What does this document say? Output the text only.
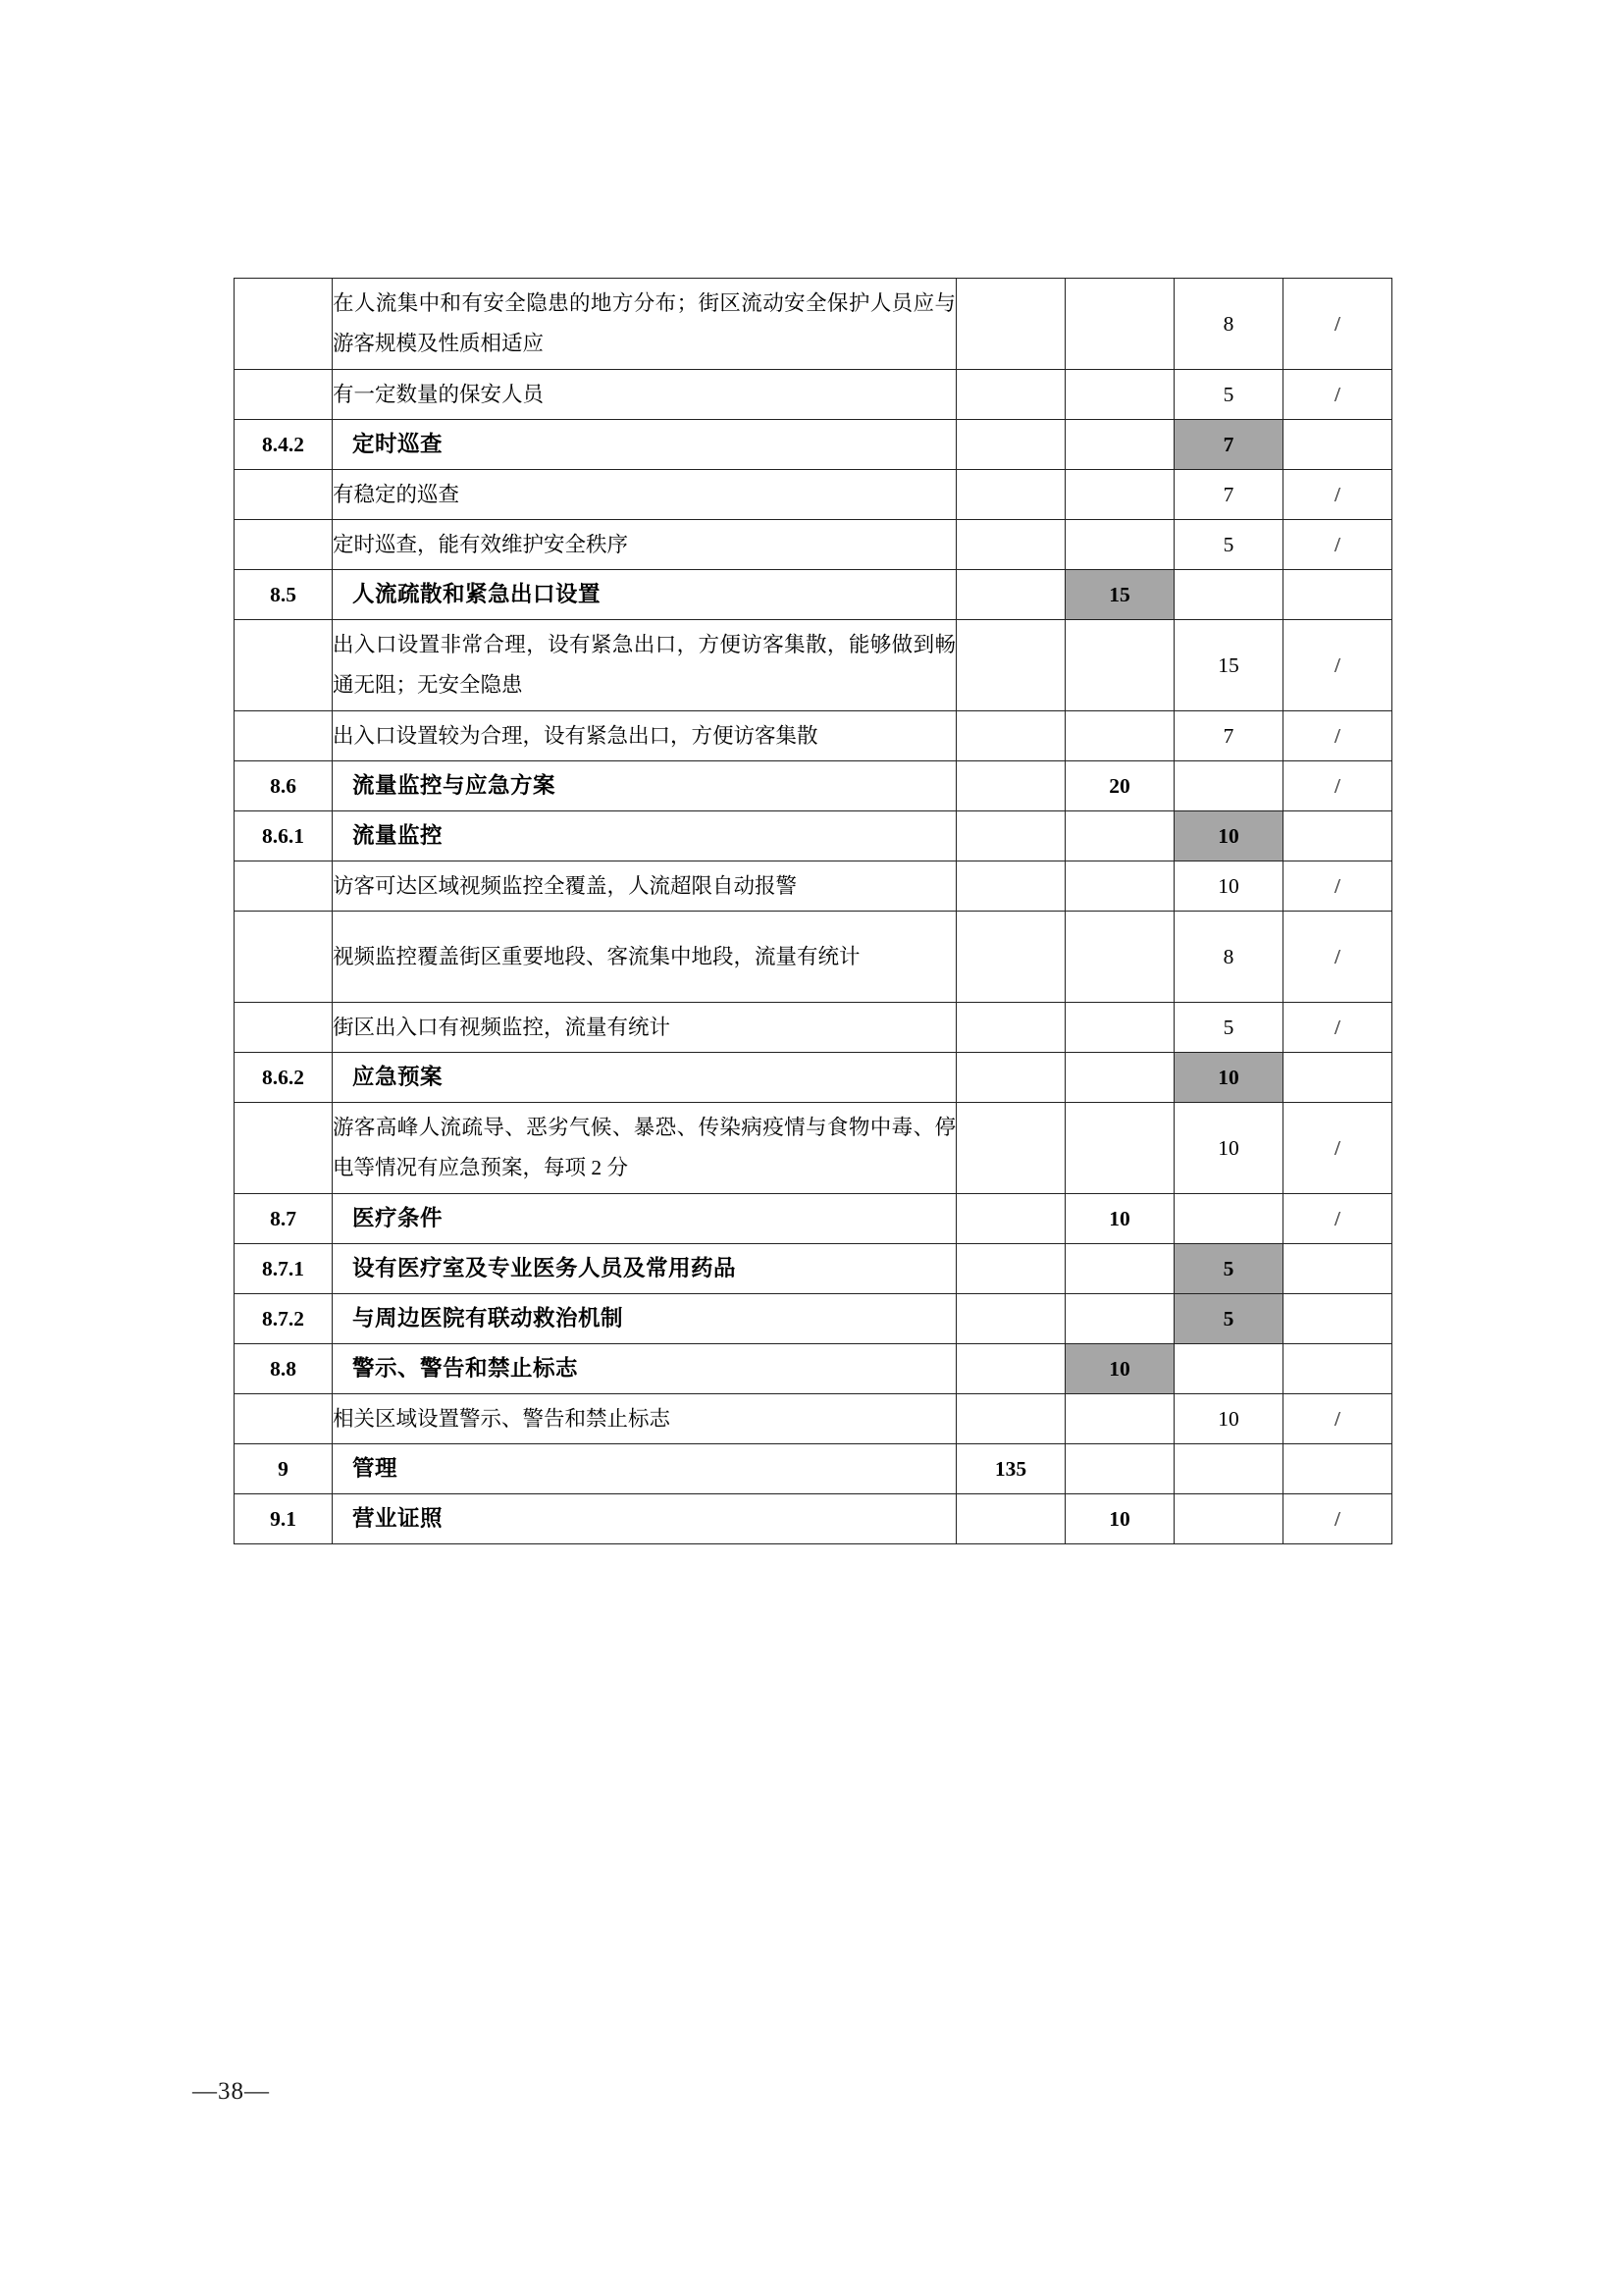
	在人流集中和有安全隐患的地方分布；街区流动安全保护人员应与游客规模及性质相适应			8	/
	有一定数量的保安人员			5	/
8.4.2	定时巡查			7	
	有稳定的巡查			7	/
	定时巡查，能有效维护安全秩序			5	/
8.5	人流疏散和紧急出口设置		15		
	出入口设置非常合理，设有紧急出口，方便访客集散，能够做到畅通无阻；无安全隐患			15	/
	出入口设置较为合理，设有紧急出口，方便访客集散			7	/
8.6	流量监控与应急方案		20		/
8.6.1	流量监控			10	
	访客可达区域视频监控全覆盖，人流超限自动报警			10	/
	视频监控覆盖街区重要地段、客流集中地段，流量有统计			8	/
	街区出入口有视频监控，流量有统计			5	/
8.6.2	应急预案			10	
	游客高峰人流疏导、恶劣气候、暴恐、传染病疫情与食物中毒、停电等情况有应急预案，每项 2 分			10	/
8.7	医疗条件		10		/
8.7.1	设有医疗室及专业医务人员及常用药品			5	
8.7.2	与周边医院有联动救治机制			5	
8.8	警示、警告和禁止标志		10		
	相关区域设置警示、警告和禁止标志			10	/
9	管理	135			
9.1	营业证照		10		/
—38—
